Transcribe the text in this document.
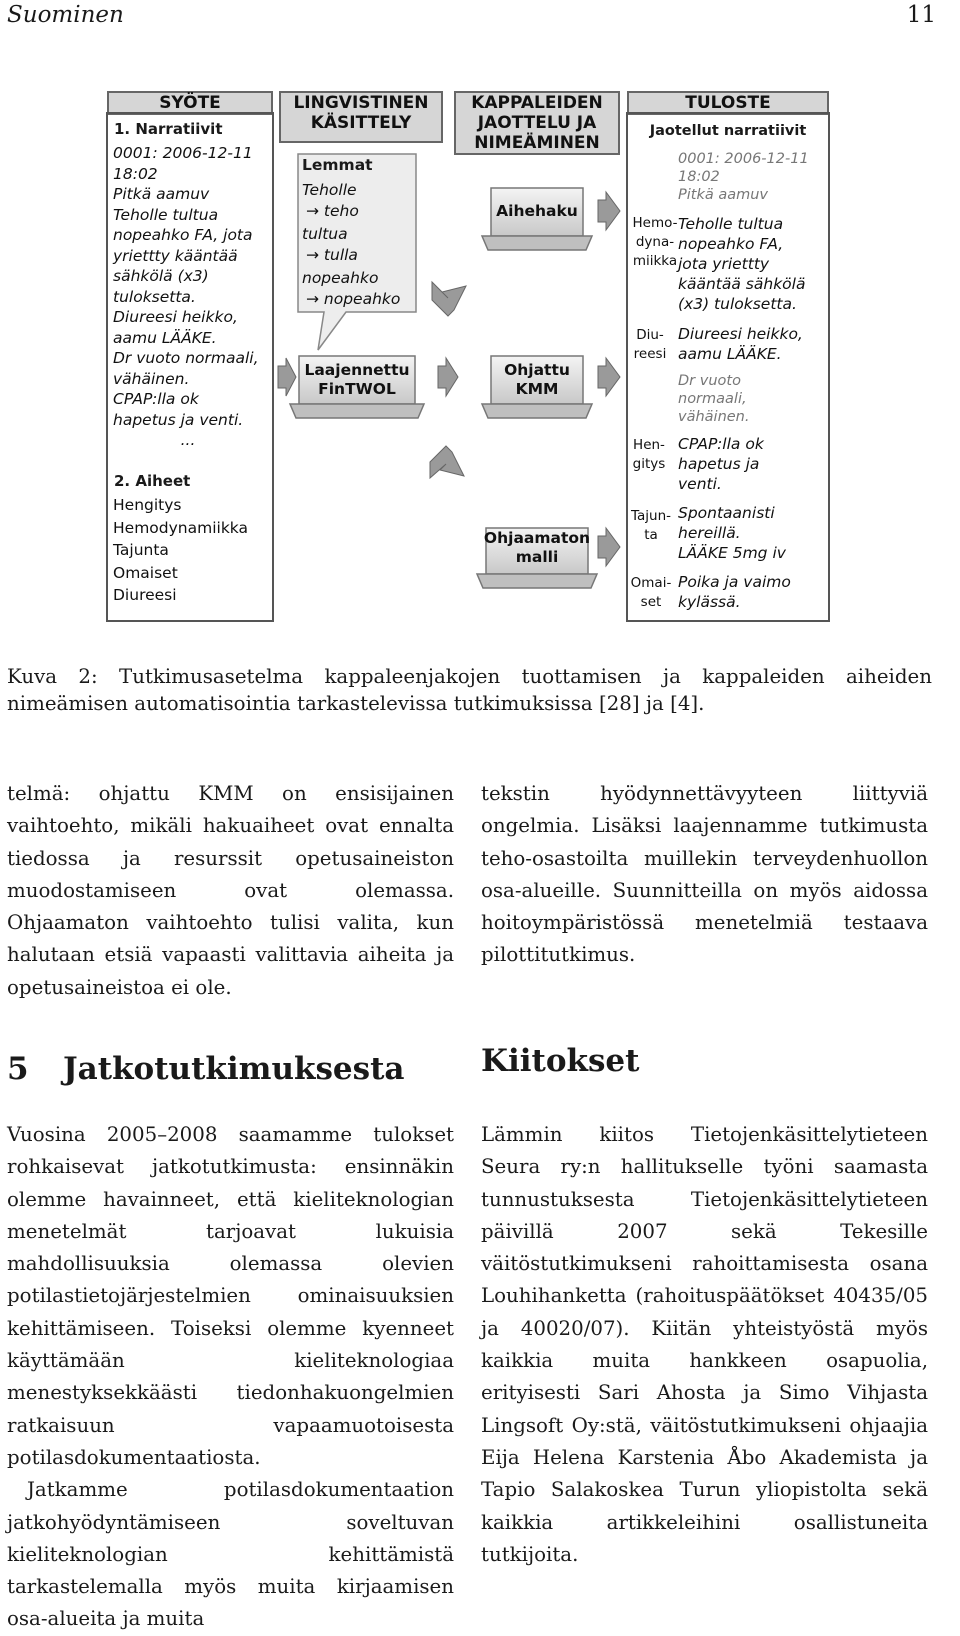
Suominen	11
SYÖTE	LINGVISTINEN KÄSITTELY
KAPPALEIDEN JAOTTELU JA NIMEÄMINEN
TULOSTE
1. Narratiivit
0001: 2006-12-11
18:02
Pitkä aamuv
Teholle tultua
nopeahko FA, jota
yriettty kääntää
sähkölä (x3)
tuloksetta.
Diureesi heikko,
aamu LÄÄKE.
Dr vuoto normaali,
vähäinen.
CPAP:lla ok
hapetus ja venti.
...
2. Aiheet
Hengitys
Hemodynamiikka
Tajunta
Omaiset
Diureesi
Lemmat
Teholle
→ teho
tultua
→ tulla
nopeahko
→ nopeahko
Laajennettu FinTWOL
Aihehaku
Ohjattu KMM
Ohjaamaton malli
Jaotellut narratiivit
0001: 2006-12-11
18:02
Pitkä aamuv
Hemo-
dyna-
miikka
Teholle tultua
nopeahko FA,
jota yriettty
kääntää sähkölä
(x3) tuloksetta.
Diu-
reesi
Diureesi heikko,
aamu LÄÄKE.
Dr vuoto
normaali,
vähäinen.
Hen-
gitys
CPAP:lla ok
hapetus ja
venti.
Tajun-
ta
Spontaanisti
hereillä.
LÄÄKE 5mg iv
Omai-
set
Poika ja vaimo
kylässä.
Kuva 2: Tutkimusasetelma kappaleenjakojen tuottamisen ja kappaleiden aiheiden nimeämisen automatisointia tarkastelevissa tutkimuksissa [28] ja [4].

telmä: ohjattu KMM on ensisijainen vaihtoehto, mikäli hakuaiheet ovat ennalta tiedossa ja resurssit opetusaineiston muodostamiseen ovat olemassa. Ohjaamaton vaihtoehto tulisi valita, kun halutaan etsiä vapaasti valittavia aiheita ja opetusaineistoa ei ole.

5 Jatkotutkimuksesta

Vuosina 2005–2008 saamamme tulokset rohkaisevat jatkotutkimusta: ensinnäkin olemme havainneet, että kieliteknologian menetelmät tarjoavat lukuisia mahdollisuuksia olemassa olevien potilastietojärjestelmien ominaisuuksien kehittämiseen. Toiseksi olemme kyenneet käyttämään kieliteknologiaa menestyksekkäästi tiedonhakuongelmien ratkaisuun vapaamuotoisesta potilasdokumentaatiosta.

Jatkamme potilasdokumentaation jatkohyödyntämiseen soveltuvan kieliteknologian kehittämistä tarkastelemalla myös muita kirjaamisen osa-alueita ja muita

tekstin hyödynnettävyyteen liittyviä ongelmia. Lisäksi laajennamme tutkimusta teho-osastoilta muillekin terveydenhuollon osa-alueille. Suunnitteilla on myös aidossa hoitoympäristössä menetelmiä testaava pilottitutkimus.

Kiitokset

Lämmin kiitos Tietojenkäsittelytieteen Seura ry:n hallitukselle työni saamasta tunnustuksesta Tietojenkäsittelytieteen päivillä 2007 sekä Tekesille väitöstutkimukseni rahoittamisesta osana Louhihanketta (rahoituspäätökset 40435/05 ja 40020/07). Kiitän yhteistyöstä myös kaikkia muita hankkeen osapuolia, erityisesti Sari Ahosta ja Simo Vihjasta Lingsoft Oy:stä, väitöstutkimukseni ohjaajia Eija Helena Karstenia Åbo Akademista ja Tapio Salakoskea Turun yliopistolta sekä kaikkia artikkeleihini osallistuneita tutkijoita.
